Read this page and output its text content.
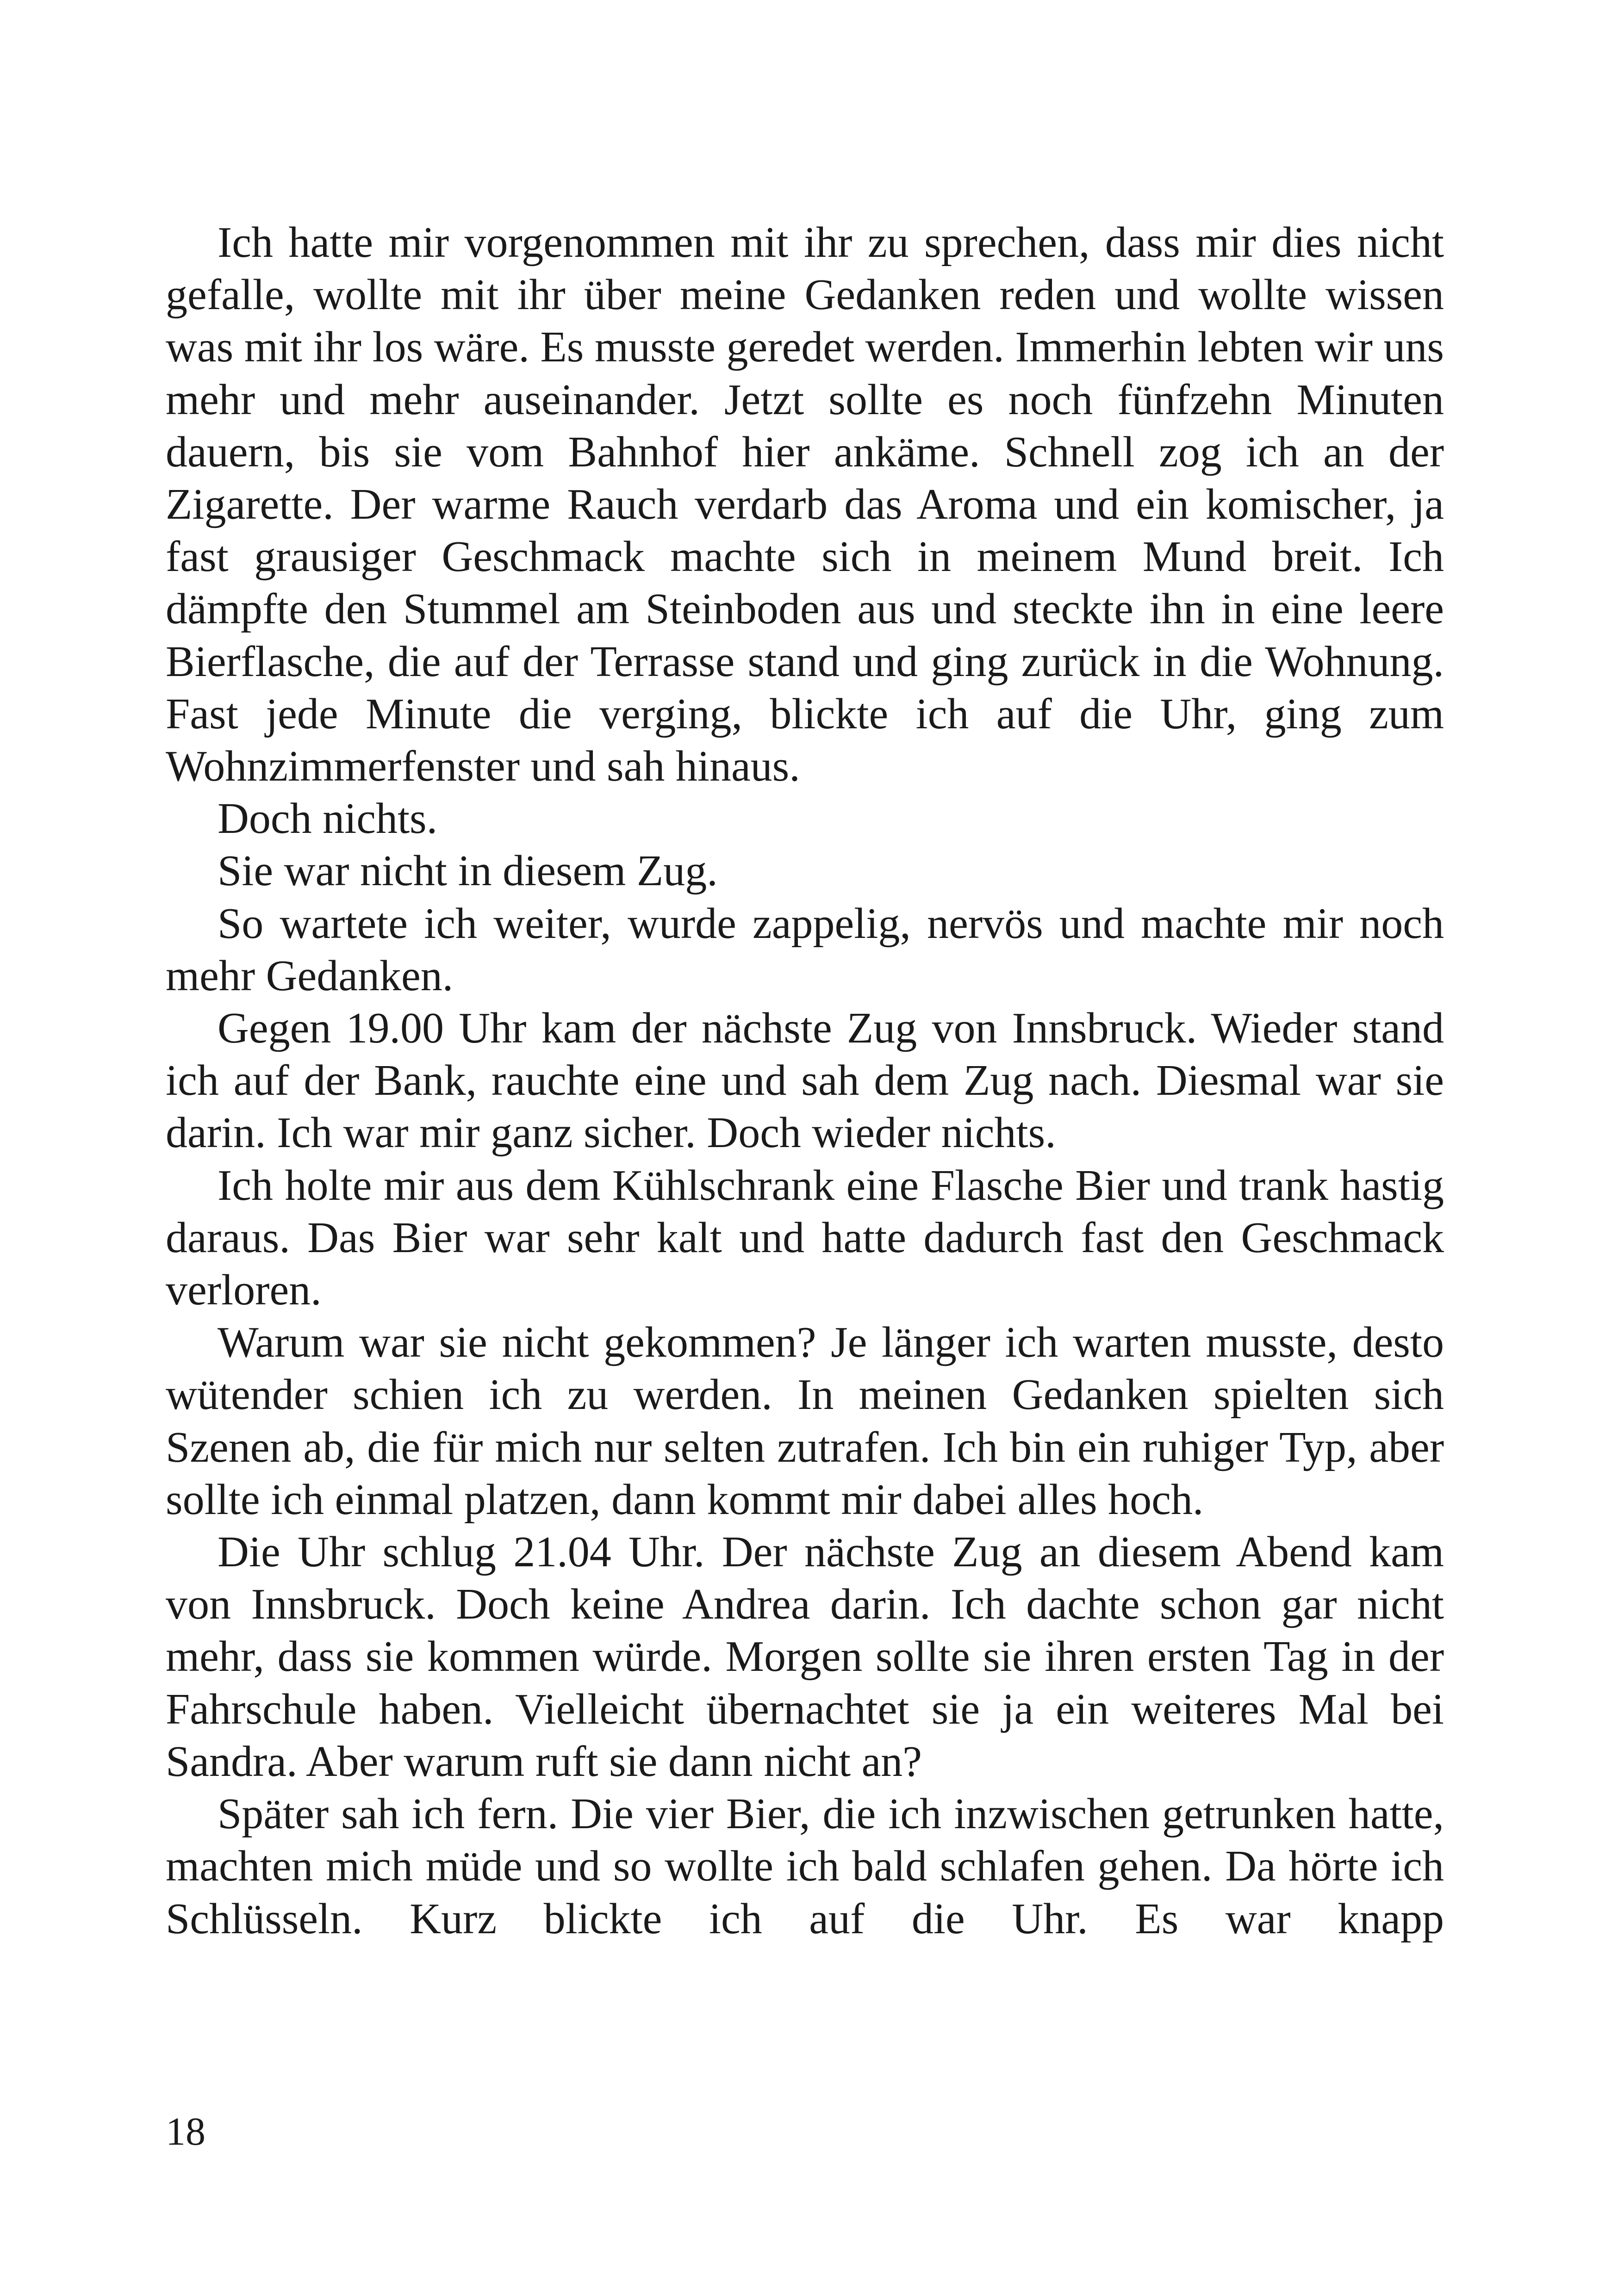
Ich hatte mir vorgenommen mit ihr zu sprechen, dass mir dies nicht gefalle, wollte mit ihr über meine Gedanken reden und wollte wissen was mit ihr los wäre. Es musste geredet werden. Immerhin lebten wir uns mehr und mehr auseinander. Jetzt sollte es noch fünfzehn Minuten dauern, bis sie vom Bahnhof hier ankäme. Schnell zog ich an der Zigarette. Der warme Rauch verdarb das Aroma und ein komischer, ja fast grausiger Geschmack machte sich in meinem Mund breit. Ich dämpfte den Stummel am Steinboden aus und steckte ihn in eine leere Bierflasche, die auf der Terrasse stand und ging zurück in die Wohnung. Fast jede Minute die verging, blickte ich auf die Uhr, ging zum Wohnzimmerfenster und sah hinaus.

Doch nichts.

Sie war nicht in diesem Zug.

So wartete ich weiter, wurde zappelig, nervös und machte mir noch mehr Gedanken.

Gegen 19.00 Uhr kam der nächste Zug von Innsbruck. Wieder stand ich auf der Bank, rauchte eine und sah dem Zug nach. Diesmal war sie darin. Ich war mir ganz sicher. Doch wieder nichts.

Ich holte mir aus dem Kühlschrank eine Flasche Bier und trank hastig daraus. Das Bier war sehr kalt und hatte dadurch fast den Geschmack verloren.

Warum war sie nicht gekommen? Je länger ich warten musste, desto wütender schien ich zu werden. In meinen Gedanken spielten sich Szenen ab, die für mich nur selten zutrafen. Ich bin ein ruhiger Typ, aber sollte ich einmal platzen, dann kommt mir dabei alles hoch.

Die Uhr schlug 21.04 Uhr. Der nächste Zug an diesem Abend kam von Innsbruck. Doch keine Andrea darin. Ich dachte schon gar nicht mehr, dass sie kommen würde. Morgen sollte sie ihren ersten Tag in der Fahrschule haben. Vielleicht übernachtet sie ja ein weiteres Mal bei Sandra. Aber warum ruft sie dann nicht an?

Später sah ich fern. Die vier Bier, die ich inzwischen getrunken hatte, machten mich müde und so wollte ich bald schlafen gehen. Da hörte ich Schlüsseln. Kurz blickte ich auf die Uhr. Es war knapp

18
